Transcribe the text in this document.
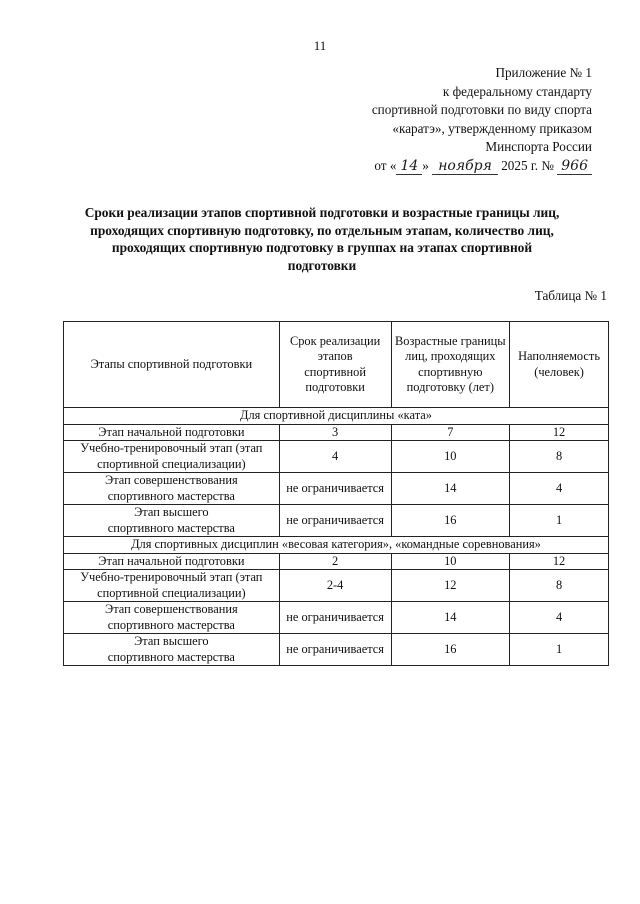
11
Приложение № 1
к федеральному стандарту
спортивной подготовки по виду спорта
«каратэ», утвержденному приказом
Минспорта России
от « 14 » ноября 2025 г. № 966
Сроки реализации этапов спортивной подготовки и возрастные границы лиц,
проходящих спортивную подготовку, по отдельным этапам, количество лиц,
проходящих спортивную подготовку в группах на этапах спортивной
подготовки
Таблица № 1
Этапы спортивной подготовки	Срок реализации этапов спортивной подготовки	Возрастные границы лиц, проходящих спортивную подготовку (лет)	Наполняемость (человек)
Для спортивной дисциплины «ката»			
Этап начальной подготовки	3	7	12
Учебно-тренировочный этап (этап спортивной специализации)	4	10	8
Этап совершенствования спортивного мастерства	не ограничивается	14	4
Этап высшего спортивного мастерства	не ограничивается	16	1
Для спортивных дисциплин «весовая категория», «командные соревнования»			
Этап начальной подготовки	2	10	12
Учебно-тренировочный этап (этап спортивной специализации)	2-4	12	8
Этап совершенствования спортивного мастерства	не ограничивается	14	4
Этап высшего спортивного мастерства	не ограничивается	16	1
